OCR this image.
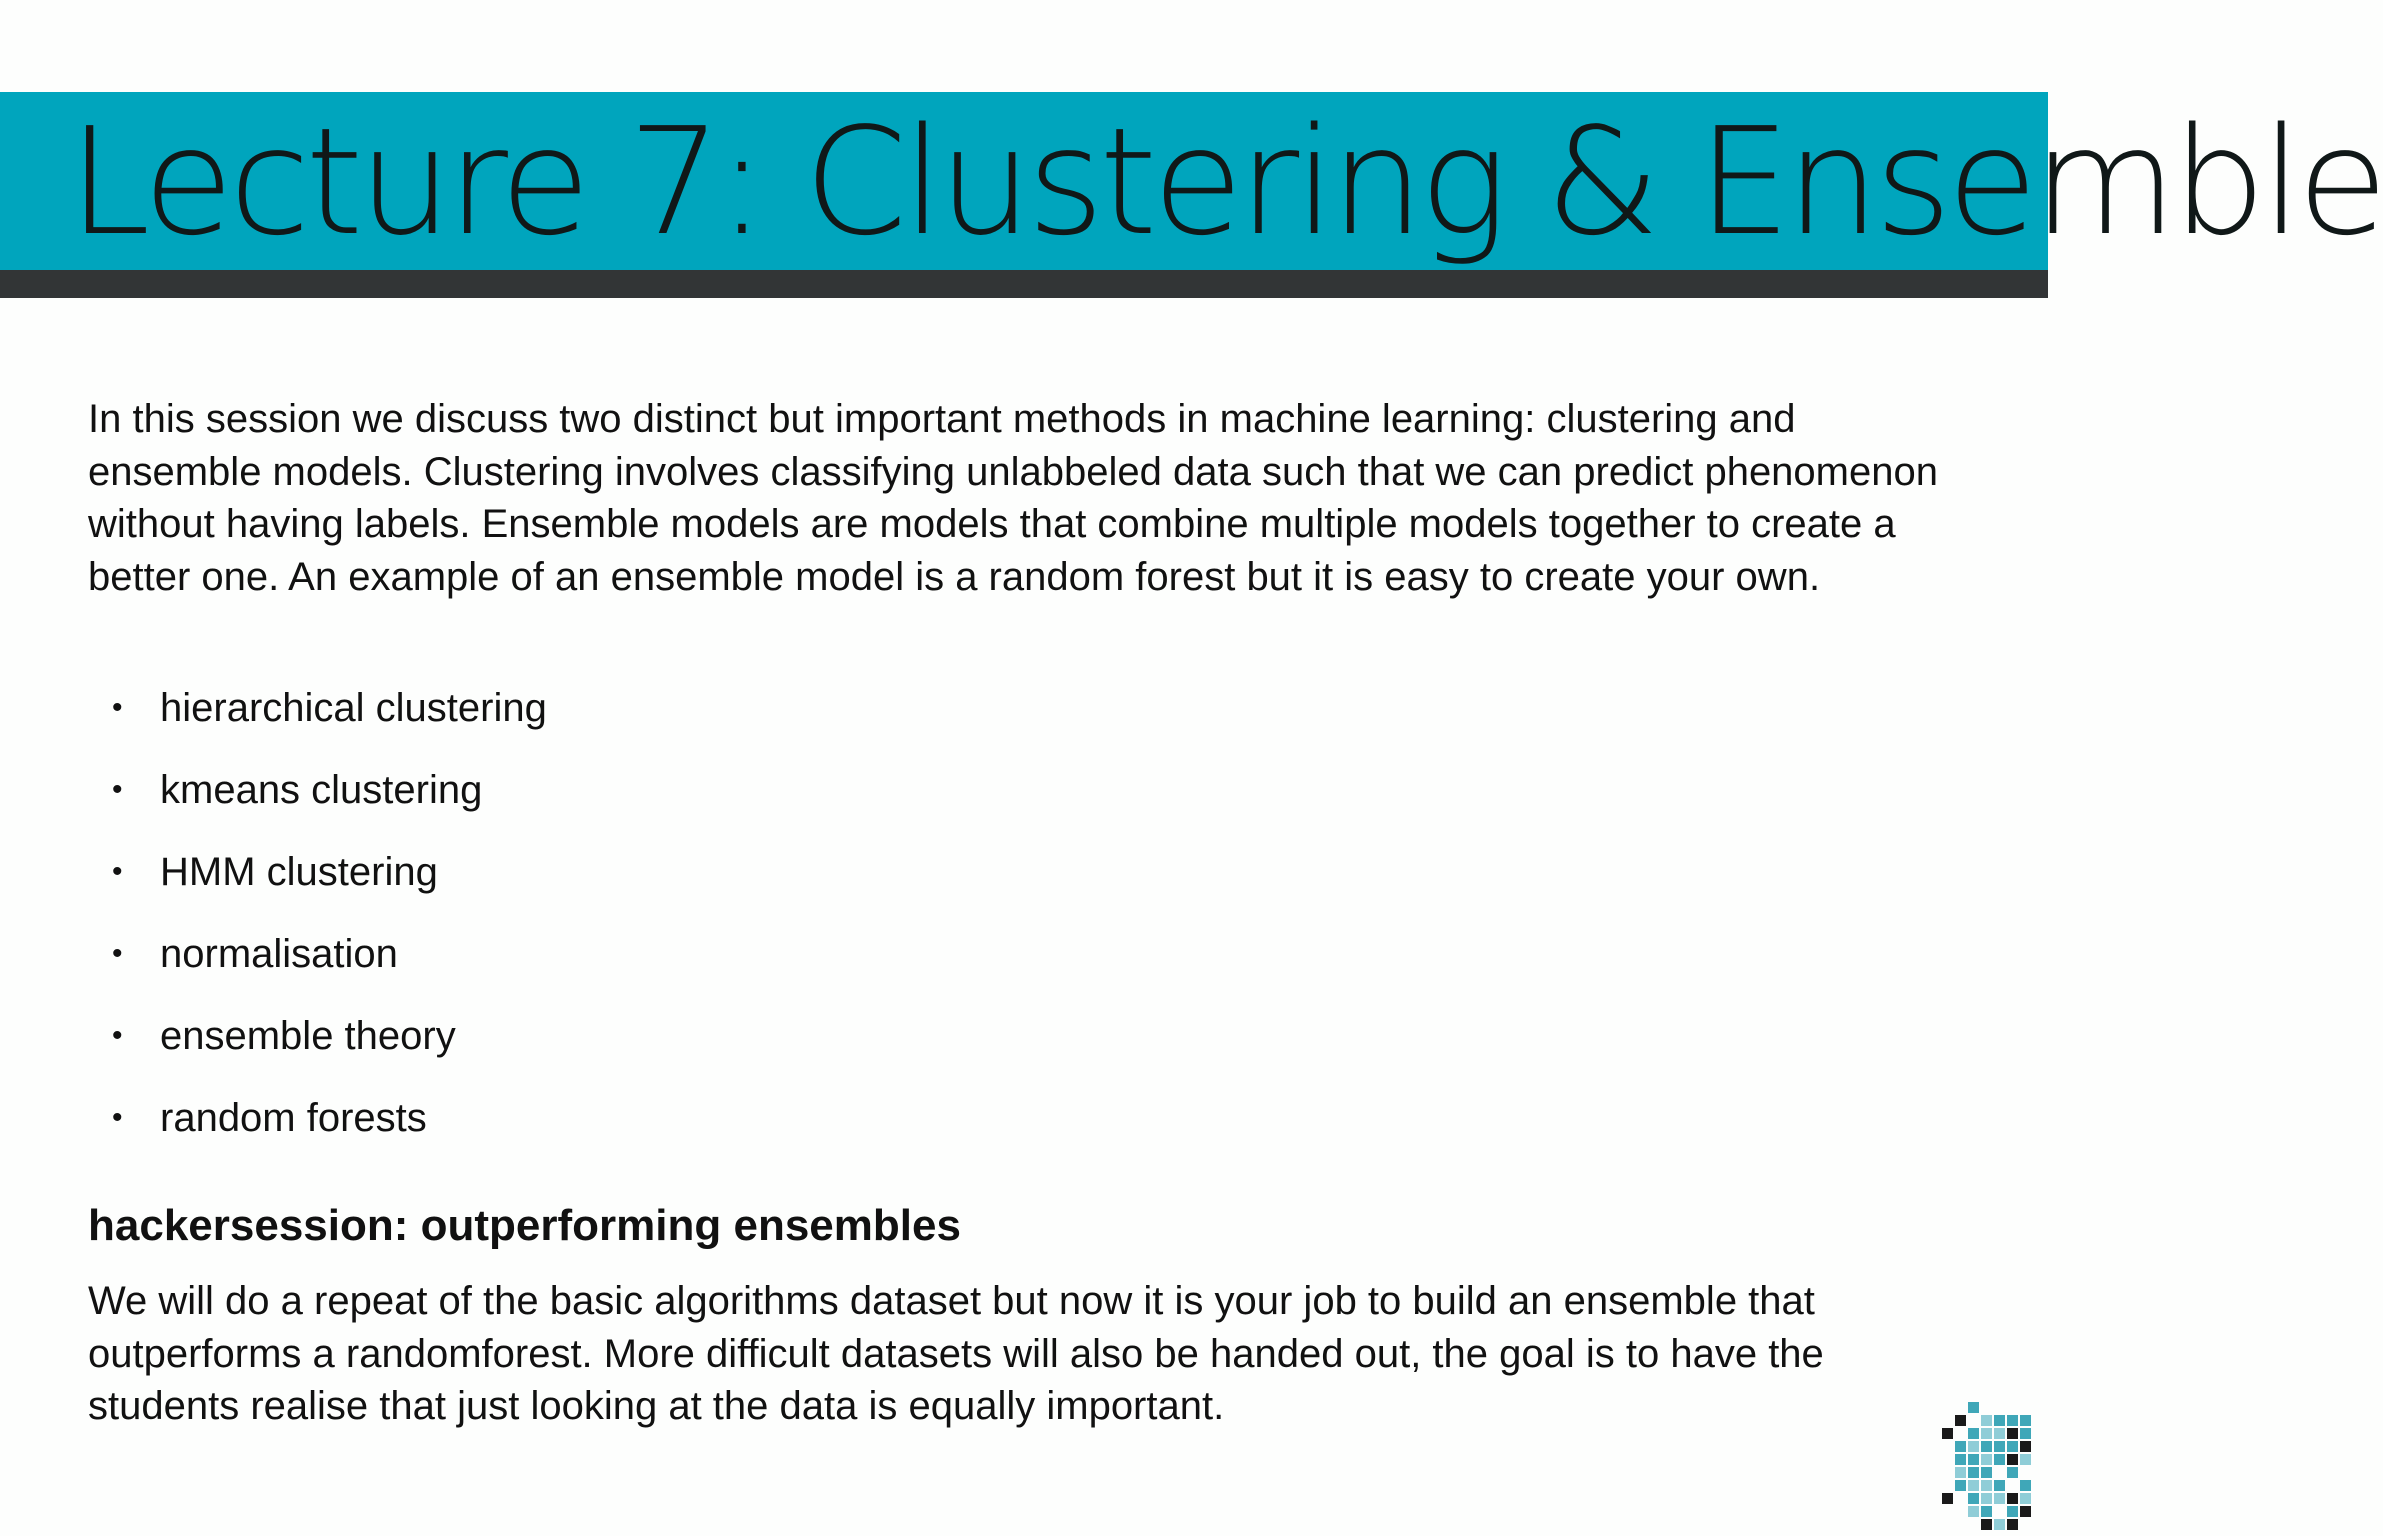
Lecture 7: Clustering & Ensemble

In this session we discuss two distinct but important methods in machine learning: clustering and ensemble models. Clustering involves classifying unlabbeled data such that we can predict phenomenon without having labels. Ensemble models are models that combine multiple models together to create a better one. An example of an ensemble model is a random forest but it is easy to create your own.

• hierarchical clustering
• kmeans clustering
• HMM clustering
• normalisation
• ensemble theory
• random forests
hackersession: outperforming ensembles

We will do a repeat of the basic algorithms dataset but now it is your job to build an ensemble that outperforms a randomforest. More difficult datasets will also be handed out, the goal is to have the students realise that just looking at the data is equally important.
